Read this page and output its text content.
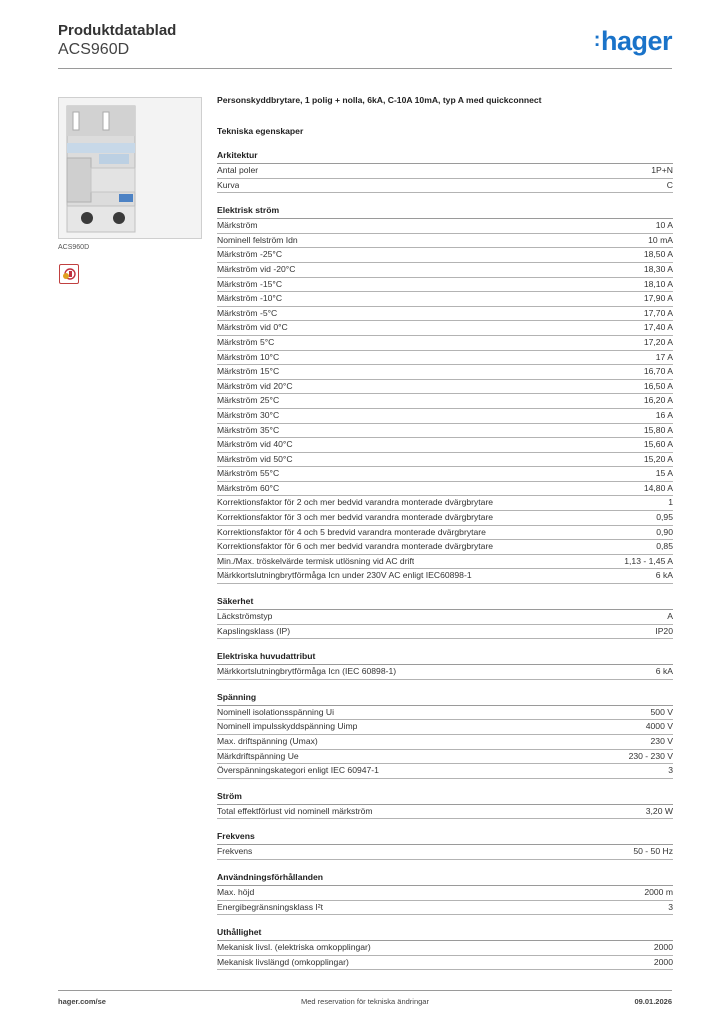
Produktdatablad
ACS960D	:hager
ACS960D
Personskyddbrytare, 1 polig + nolla, 6kA, C-10A 10mA, typ A med quickconnect
Tekniska egenskaper
Arkitektur
Antal poler	1P+N
Kurva	C
Elektrisk ström
Märkström	10 A
Nominell felström Idn	10 mA
Märkström -25°C	18,50 A
Märkström vid -20°C	18,30 A
Märkström -15°C	18,10 A
Märkström -10°C	17,90 A
Märkström -5°C	17,70 A
Märkström vid 0°C	17,40 A
Märkström 5°C	17,20 A
Märkström 10°C	17 A
Märkström 15°C	16,70 A
Märkström vid 20°C	16,50 A
Märkström 25°C	16,20 A
Märkström 30°C	16 A
Märkström 35°C	15,80 A
Märkström vid 40°C	15,60 A
Märkström vid 50°C	15,20 A
Märkström 55°C	15 A
Märkström 60°C	14,80 A
Korrektionsfaktor för 2 och mer bedvid varandra monterade dvärgbrytare	1
Korrektionsfaktor för 3 och mer bedvid varandra monterade dvärgbrytare	0,95
Korrektionsfaktor för 4 och 5 bredvid varandra monterade dvärgbrytare	0,90
Korrektionsfaktor för 6 och mer bedvid varandra monterade dvärgbrytare	0,85
Min./Max. tröskelvärde termisk utlösning vid AC drift	1,13 - 1,45 A
Märkkortslutningbrytförmåga Icn under 230V AC enligt IEC60898-1	6 kA
Säkerhet
Läckströmstyp	A
Kapslingsklass (IP)	IP20
Elektriska huvudattribut
Märkkortslutningbrytförmåga Icn (IEC 60898-1)	6 kA
Spänning
Nominell isolationsspänning Ui	500 V
Nominell impulsskyddspänning Uimp	4000 V
Max. driftspänning (Umax)	230 V
Märkdriftspänning Ue	230 - 230 V
Överspänningskategori enligt IEC 60947-1	3
Ström
Total effektförlust vid nominell märkström	3,20 W
Frekvens
Frekvens	50 - 50 Hz
Användningsförhållanden
Max. höjd	2000 m
Energibegränsningsklass I²t	3
Uthållighet
Mekanisk livsl. (elektriska omkopplingar)	2000
Mekanisk livslängd (omkopplingar)	2000
hager.com/se	Med reservation för tekniska ändringar	09.01.2026
